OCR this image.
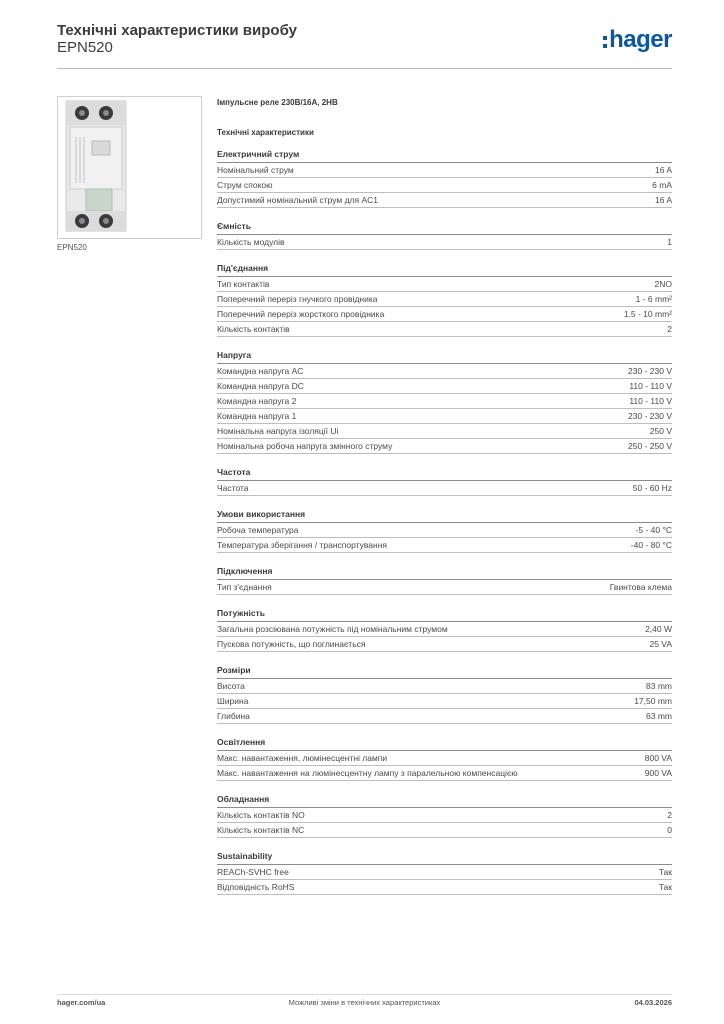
Технічні характеристики виробу
EPN520	hager
EPN520
Імпульсне реле 230В/16А, 2НВ
Технічні характеристики
Електричний струм
Номінальний струм	16 A
Струм спокою	6 mA
Допустимий номінальний струм для AC1	16 A
Ємність
Кількість модулів	1
Під'єднання
Тип контактів	2NO
Поперечний переріз гнучкого провідника	1 - 6 mm²
Поперечний переріз жорсткого провідника	1.5 - 10 mm²
Кількість контактів	2
Напруга
Командна напруга AC	230 - 230 V
Командна напруга DC	110 - 110 V
Командна напруга 2	110 - 110 V
Командна напруга 1	230 - 230 V
Номінальна напруга ізоляції Ui	250 V
Номінальна робоча напруга змінного струму	250 - 250 V
Частота
Частота	50 - 60 Hz
Умови використання
Робоча температура	-5 - 40 °C
Температура зберігання / транспортування	-40 - 80 °C
Підключення
Тип з'єднання	Гвинтова клема
Потужність
Загальна розсіювана потужність під номінальним струмом	2,40 W
Пускова потужність, що поглинається	25 VA
Розміри
Висота	83 mm
Ширина	17,50 mm
Глибина	63 mm
Освітлення
Макс. навантаження, люмінесцентні лампи	800 VA
Макс. навантаження на люмінесцентну лампу з паралельною компенсацією	900 VA
Обладнання
Кількість контактів NO	2
Кількість контактів NC	0
Sustainability
REACh-SVHC free	Так
Відповідність RoHS	Так
hager.com/ua	Можливі зміни в технічних характеристиках	04.03.2026
